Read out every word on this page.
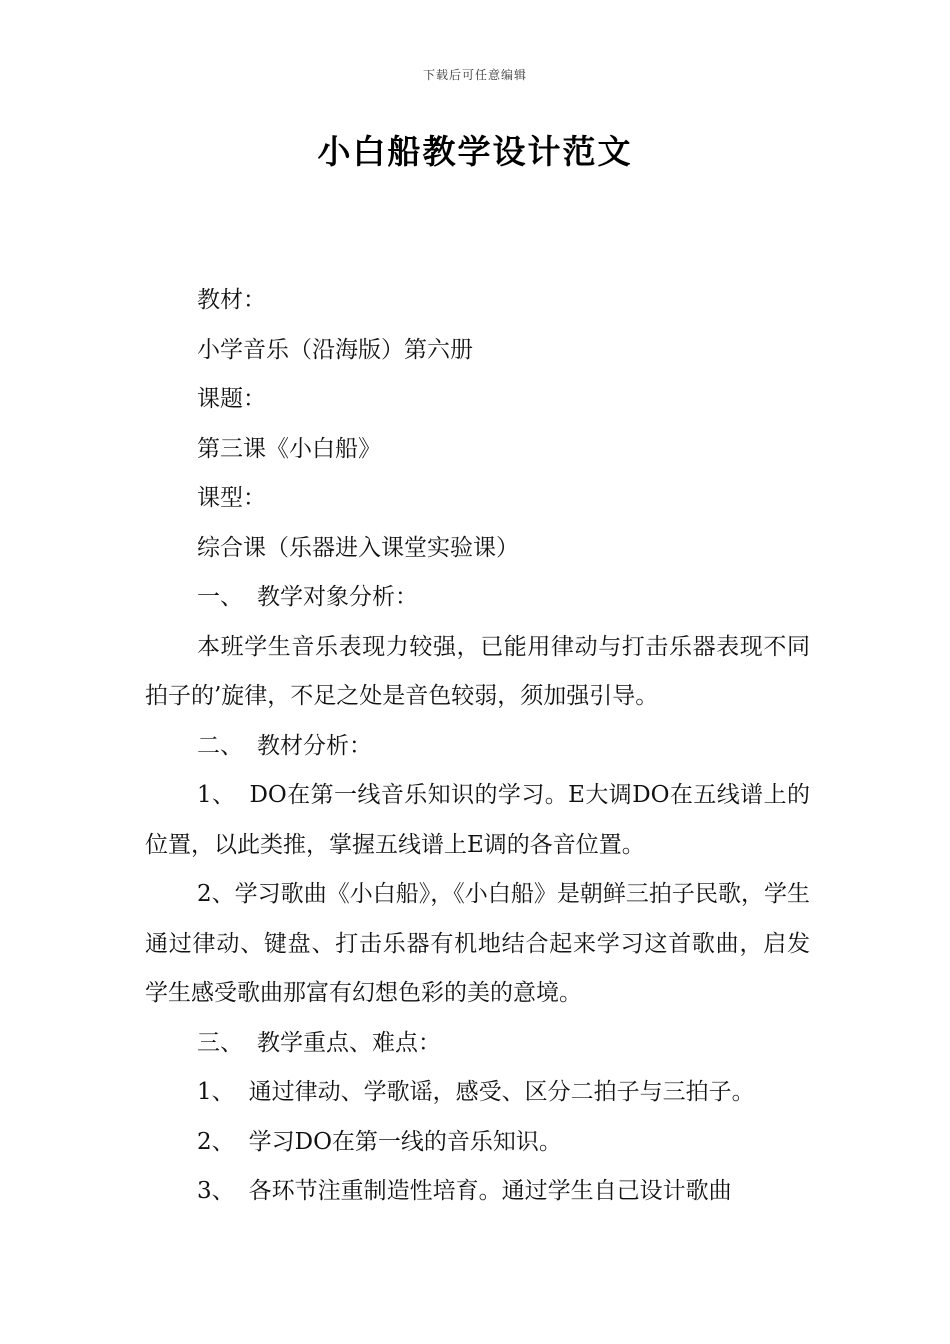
下载后可任意编辑
小白船教学设计范文

教材：

小学音乐（沿海版）第六册

课题：

第三课《小白船》

课型：

综合课（乐器进入课堂实验课）

一、 教学对象分析：

本班学生音乐表现力较强，已能用律动与打击乐器表现不同拍子的’旋律，不足之处是音色较弱，须加强引导。

二、 教材分析：

1、 DO在第一线音乐知识的学习。E大调DO在五线谱上的位置，以此类推，掌握五线谱上E调的各音位置。

2、学习歌曲《小白船》，《小白船》是朝鲜三拍子民歌，学生通过律动、键盘、打击乐器有机地结合起来学习这首歌曲，启发学生感受歌曲那富有幻想色彩的美的意境。

三、 教学重点、难点：

1、 通过律动、学歌谣，感受、区分二拍子与三拍子。

2、 学习DO在第一线的音乐知识。

3、 各环节注重制造性培育。通过学生自己设计歌曲
